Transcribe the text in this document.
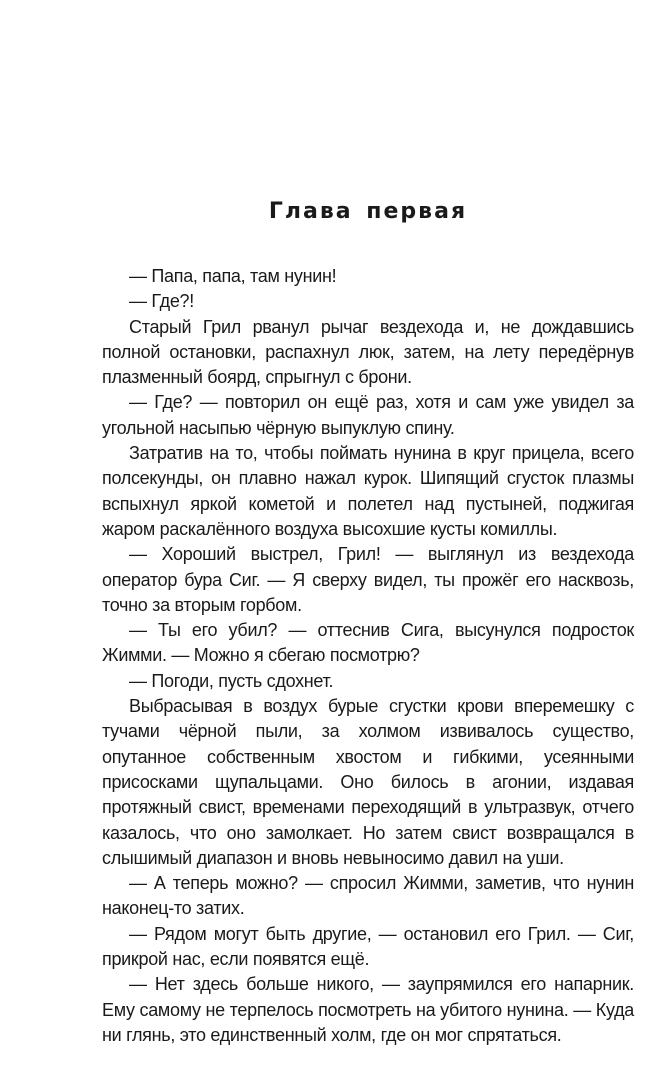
Глава первая

— Папа, папа, там нунин!

— Где?!

Старый Грил рванул рычаг вездехода и, не дождавшись полной остановки, распахнул люк, затем, на лету передёрнув плазменный боярд, спрыгнул с брони.

— Где? — повторил он ещё раз, хотя и сам уже увидел за угольной насыпью чёрную выпуклую спину.

Затратив на то, чтобы поймать нунина в круг прицела, всего полсекунды, он плавно нажал курок. Шипящий сгусток плазмы вспыхнул яркой кометой и полетел над пустыней, поджигая жаром раскалённого воздуха высохшие кусты комиллы.

— Хороший выстрел, Грил! — выглянул из вездехода оператор бура Сиг. — Я сверху видел, ты прожёг его насквозь, точно за вторым горбом.

— Ты его убил? — оттеснив Сига, высунулся подросток Жимми. — Можно я сбегаю посмотрю?

— Погоди, пусть сдохнет.

Выбрасывая в воздух бурые сгустки крови вперемешку с тучами чёрной пыли, за холмом извивалось существо, опутанное собственным хвостом и гибкими, усеянными присосками щупальцами. Оно билось в агонии, издавая протяжный свист, временами переходящий в ультразвук, отчего казалось, что оно замолкает. Но затем свист возвращался в слышимый диапазон и вновь невыносимо давил на уши.

— А теперь можно? — спросил Жимми, заметив, что нунин наконец-то затих.

— Рядом могут быть другие, — остановил его Грил. — Сиг, прикрой нас, если появятся ещё.

— Нет здесь больше никого, — заупрямился его напарник. Ему самому не терпелось посмотреть на убитого нунина. — Куда ни глянь, это единственный холм, где он мог спрятаться.
